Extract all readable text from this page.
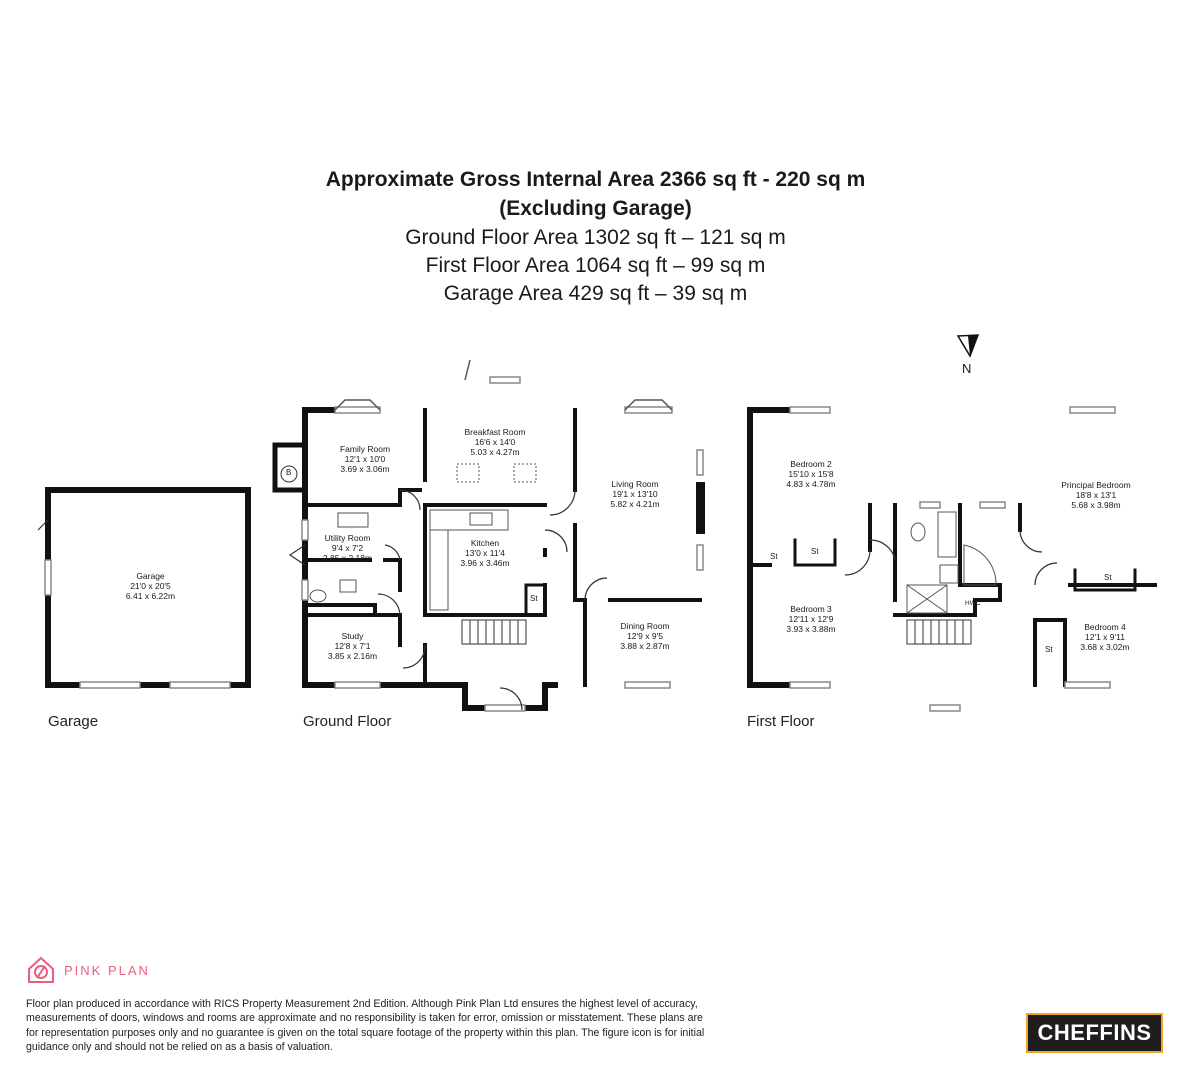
Approximate Gross Internal Area 2366 sq ft - 220 sq m
(Excluding Garage)
Ground Floor Area 1302 sq ft – 121 sq m
First Floor Area 1064 sq ft – 99 sq m
Garage Area 429 sq ft – 39 sq m
N
Garage	Ground Floor	First Floor
Garage
21'0 x 20'5
6.41 x 6.22m
Family Room
12'1 x 10'0
3.69 x 3.06m
Breakfast Room
16'6 x 14'0
5.03 x 4.27m
Living Room
19'1 x 13'10
5.82 x 4.21m
Utility Room
9'4 x 7'2
2.85 x 2.18m
Kitchen
13'0 x 11'4
3.96 x 3.46m
Study
12'8 x 7'1
3.85 x 2.16m
Dining Room
12'9 x 9'5
3.88 x 2.87m
Bedroom 2
15'10 x 15'8
4.83 x 4.78m
Bedroom 3
12'11 x 12'9
3.93 x 3.88m
Principal Bedroom
18'8 x 13'1
5.68 x 3.98m
Bedroom 4
12'1 x 9'11
3.68 x 3.02m
B
St
St
St
St
St
HWC
PINK PLAN
Floor plan produced in accordance with RICS Property Measurement 2nd Edition. Although Pink Plan Ltd ensures the highest level of accuracy, measurements of doors, windows and rooms are approximate and no responsibility is taken for error, omission or misstatement. These plans are for representation purposes only and no guarantee is given on the total square footage of the property within this plan. The figure icon is for initial guidance only and should not be relied on as a basis of valuation.
CHEFFINS
